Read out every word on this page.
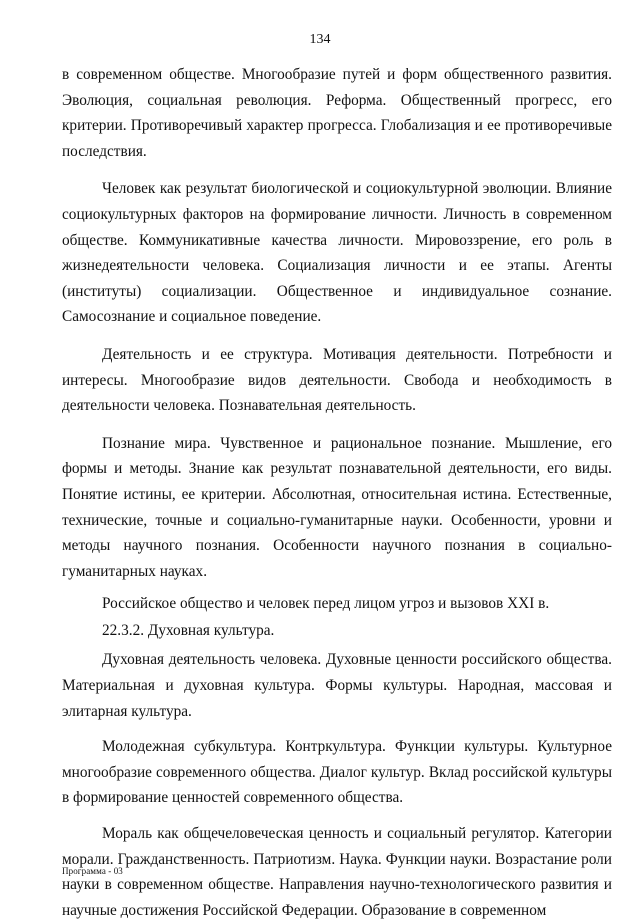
134

в современном обществе. Многообразие путей и форм общественного развития. Эволюция, социальная революция. Реформа. Общественный прогресс, его критерии. Противоречивый характер прогресса. Глобализация и ее противоречивые последствия.

Человек как результат биологической и социокультурной эволюции. Влияние социокультурных факторов на формирование личности. Личность в современном обществе. Коммуникативные качества личности. Мировоззрение, его роль в жизнедеятельности человека. Социализация личности и ее этапы. Агенты (институты) социализации. Общественное и индивидуальное сознание. Самосознание и социальное поведение.

Деятельность и ее структура. Мотивация деятельности. Потребности и интересы. Многообразие видов деятельности. Свобода и необходимость в деятельности человека. Познавательная деятельность.

Познание мира. Чувственное и рациональное познание. Мышление, его формы и методы. Знание как результат познавательной деятельности, его виды. Понятие истины, ее критерии. Абсолютная, относительная истина. Естественные, технические, точные и социально-гуманитарные науки. Особенности, уровни и методы научного познания. Особенности научного познания в социально-гуманитарных науках.

Российское общество и человек перед лицом угроз и вызовов XXI в.

22.3.2. Духовная культура.

Духовная деятельность человека. Духовные ценности российского общества. Материальная и духовная культура. Формы культуры. Народная, массовая и элитарная культура.

Молодежная субкультура. Контркультура. Функции культуры. Культурное многообразие современного общества. Диалог культур. Вклад российской культуры в формирование ценностей современного общества.

Мораль как общечеловеческая ценность и социальный регулятор. Категории морали. Гражданственность. Патриотизм. Наука. Функции науки. Возрастание роли науки в современном обществе. Направления научно-технологического развития и научные достижения Российской Федерации. Образование в современном

Программа - 03
